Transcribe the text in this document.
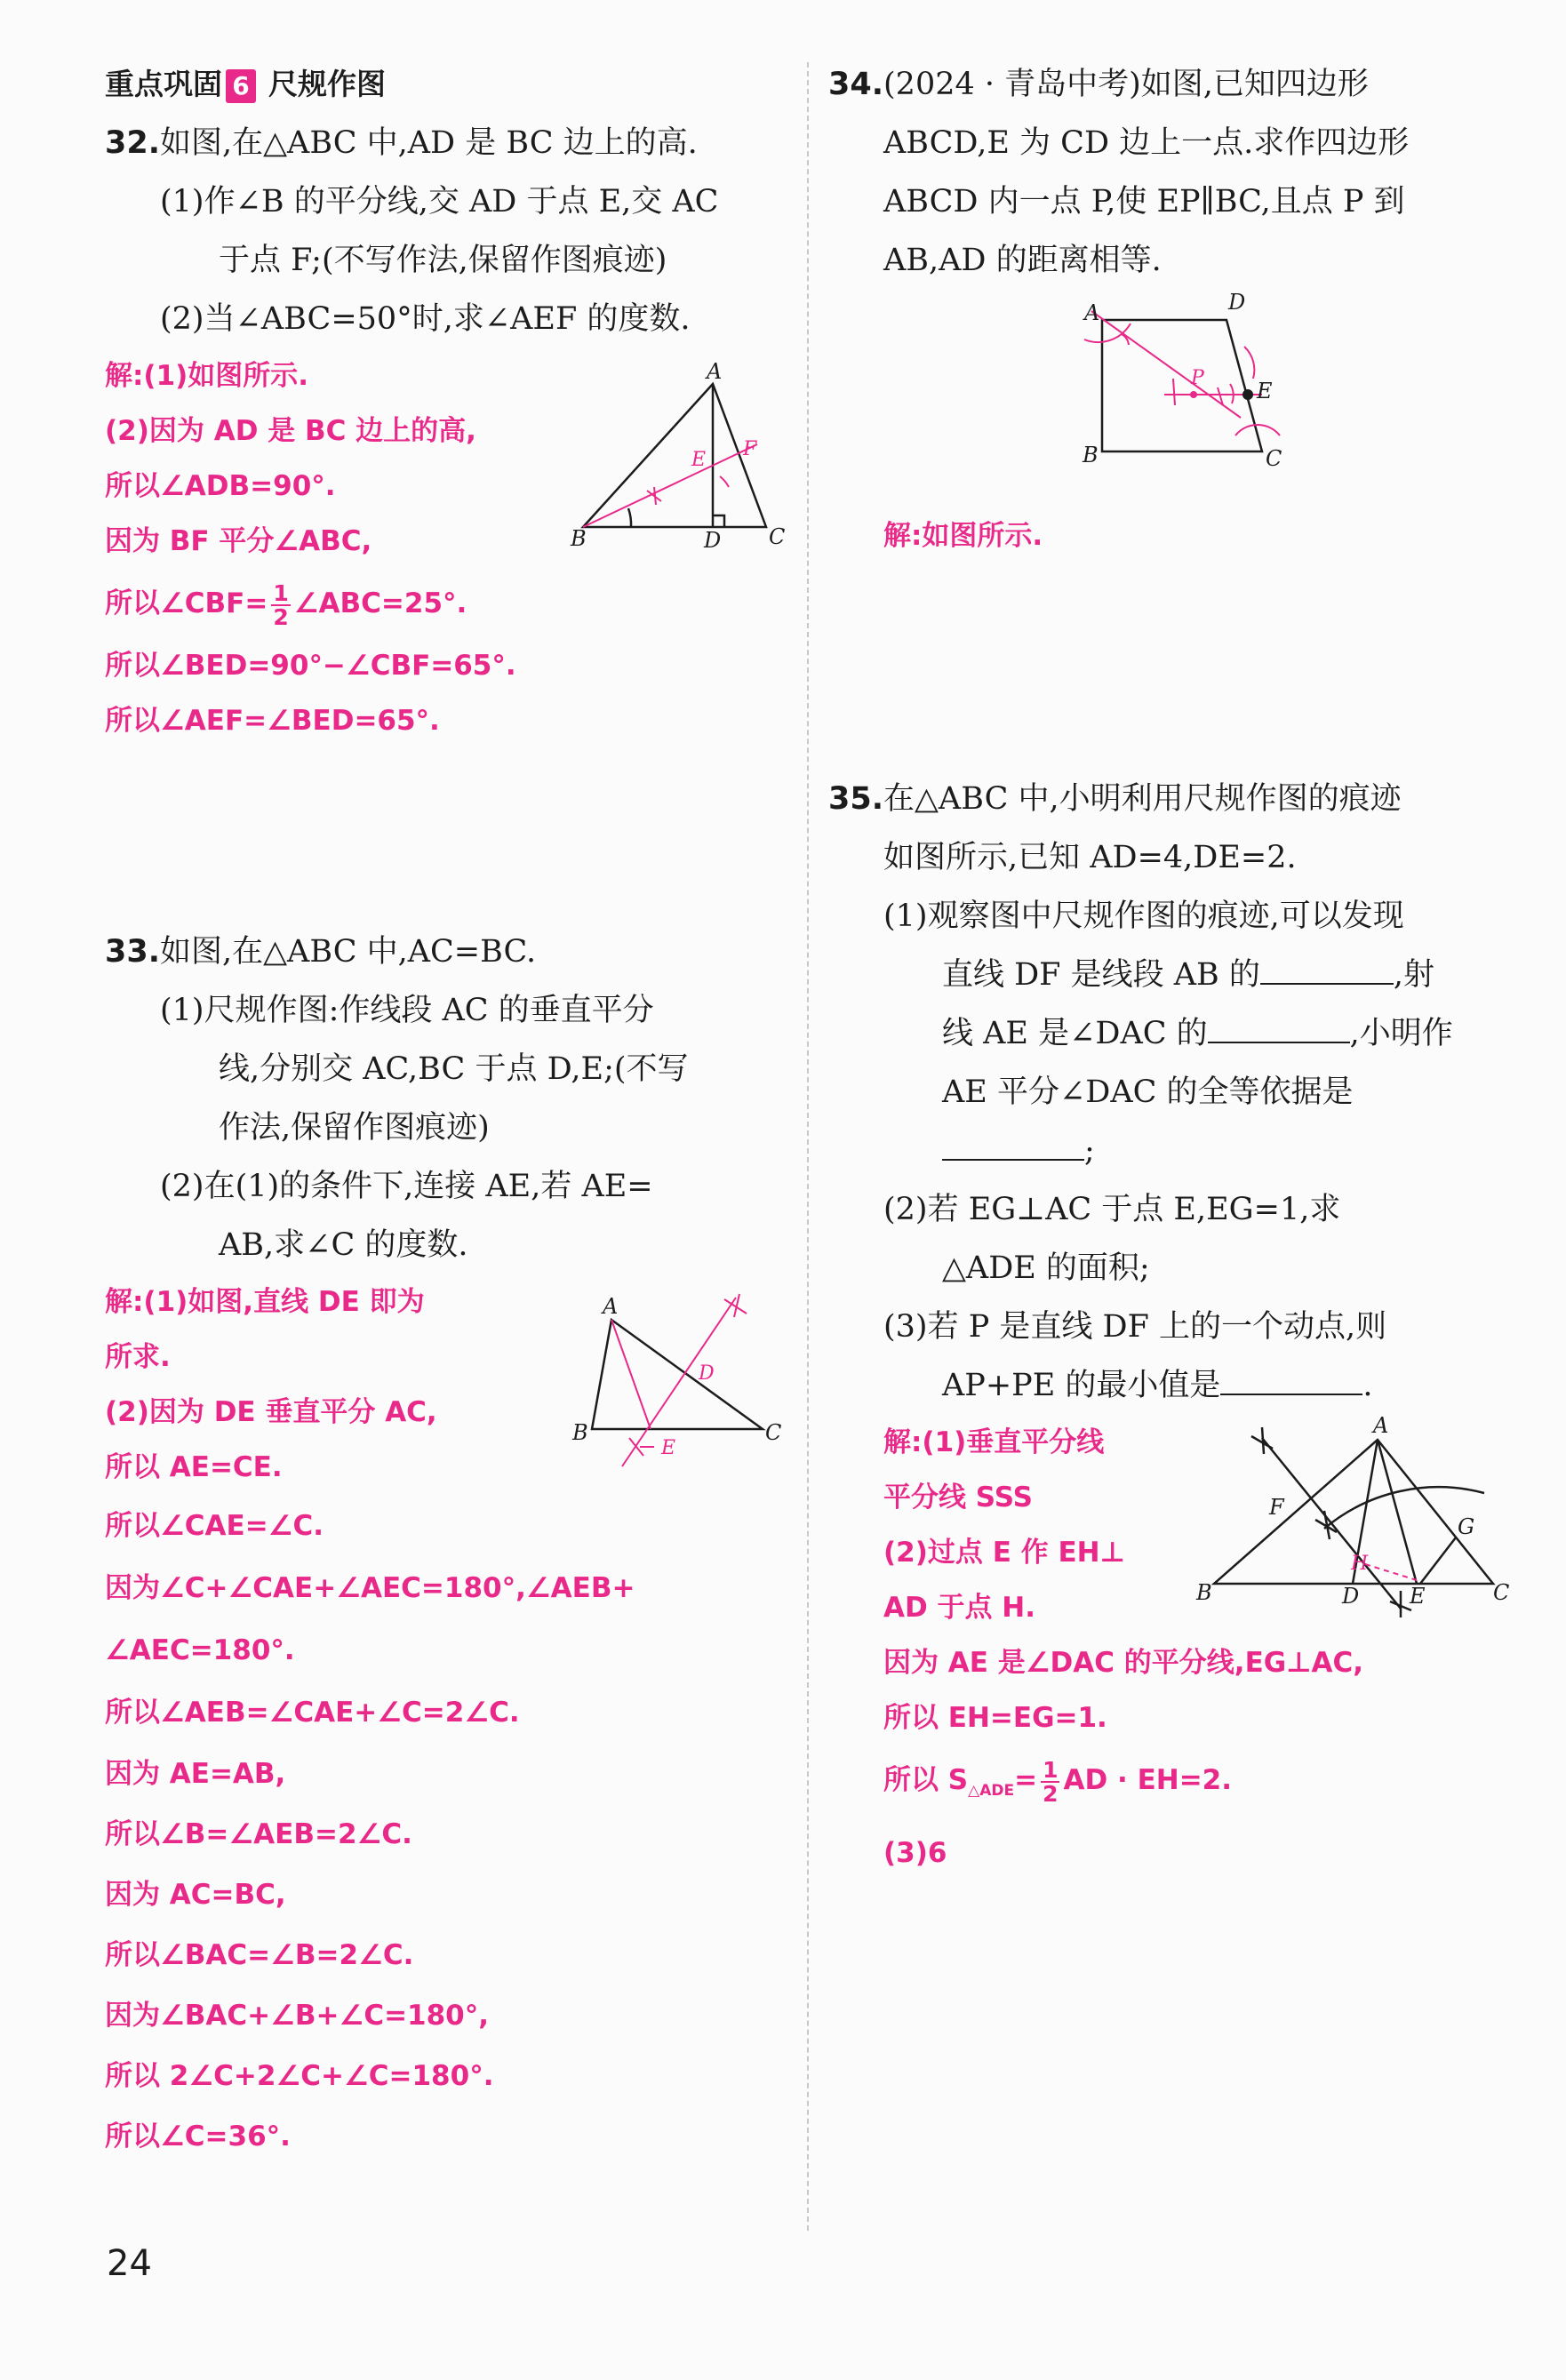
重点巩固 6 尺规作图
32.如图,在△ABC 中,AD 是 BC 边上的高.
(1)作∠B 的平分线,交 AD 于点 E,交 AC
于点 F;(不写作法,保留作图痕迹)
(2)当∠ABC=50°时,求∠AEF 的度数.
解:(1)如图所示.
(2)因为 AD 是 BC 边上的高,
所以∠ADB=90°.
因为 BF 平分∠ABC,
所以∠CBF= $\frac{1}{2}$ ∠ABC=25°.
所以∠BED=90°−∠CBF=65°.
所以∠AEF=∠BED=65°.
33.如图,在△ABC 中,AC=BC.
(1)尺规作图:作线段 AC 的垂直平分
线,分别交 AC,BC 于点 D,E;(不写
作法,保留作图痕迹)
(2)在(1)的条件下,连接 AE,若 AE=
AB,求∠C 的度数.
解:(1)如图,直线 DE 即为
所求.
(2)因为 DE 垂直平分 AC,
所以 AE=CE.
所以∠CAE=∠C.
因为∠C+∠CAE+∠AEC=180°,∠AEB+
∠AEC=180°.
所以∠AEB=∠CAE+∠C=2∠C.
因为 AE=AB,
所以∠B=∠AEB=2∠C.
因为 AC=BC,
所以∠BAC=∠B=2∠C.
因为∠BAC+∠B+∠C=180°,
所以 2∠C+2∠C+∠C=180°.
所以∠C=36°.
A
B	C
D
E F
A
B	C
D
E
34.(2024 · 青岛中考)如图,已知四边形
ABCD,E 为 CD 边上一点.求作四边形
ABCD 内一点 P,使 EP∥BC,且点 P 到
AB,AD 的距离相等.
解:如图所示.
35.在△ABC 中,小明利用尺规作图的痕迹
如图所示,已知 AD=4,DE=2.
(1)观察图中尺规作图的痕迹,可以发现
直线 DF 是线段 AB 的	,射
线 AE 是∠DAC 的	,小明作
AE 平分∠DAC 的全等依据是
;
(2)若 EG⊥AC 于点 E,EG=1,求
△ADE 的面积;
(3)若 P 是直线 DF 上的一个动点,则
AP+PE 的最小值是	.
解:(1)垂直平分线
平分线 SSS
(2)过点 E 作 EH⊥
AD 于点 H.
因为 AE 是∠DAC 的平分线,EG⊥AC,
所以 EH=EG=1.
所以 $S_{\triangle ADE}= \frac{1}{2}$ AD · EH=2.
(3)6
A	D
B	C
E
P
A
B	C
D E
F
G
H
24
